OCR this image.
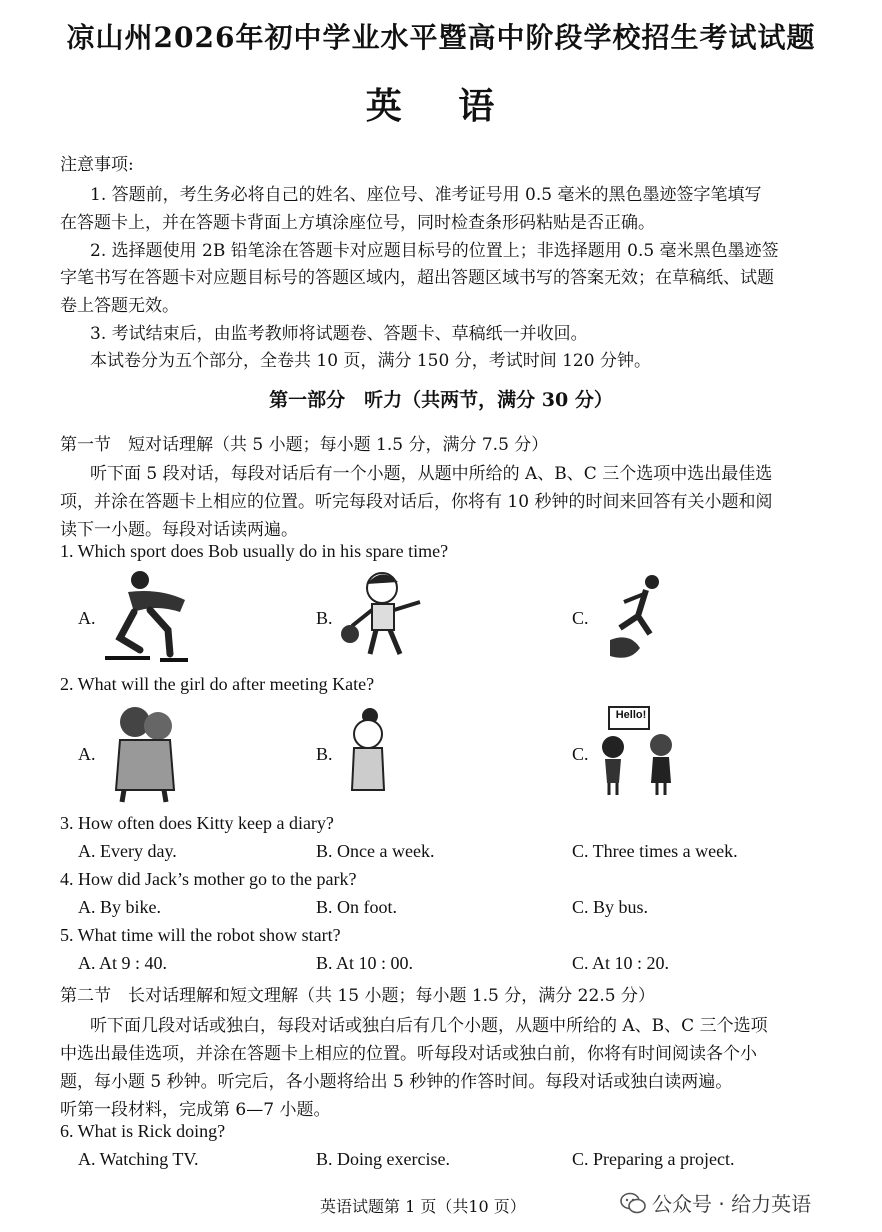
凉山州2026年初中学业水平暨高中阶段学校招生考试试题
英 语
注意事项:
1. 答题前，考生务必将自己的姓名、座位号、准考证号用 0.5 毫米的黑色墨迹签字笔填写
在答题卡上，并在答题卡背面上方填涂座位号，同时检查条形码粘贴是否正确。
2. 选择题使用 2B 铅笔涂在答题卡对应题目标号的位置上；非选择题用 0.5 毫米黑色墨迹签
字笔书写在答题卡对应题目标号的答题区域内，超出答题区域书写的答案无效；在草稿纸、试题
卷上答题无效。
3. 考试结束后，由监考教师将试题卷、答题卡、草稿纸一并收回。
本试卷分为五个部分，全卷共 10 页，满分 150 分，考试时间 120 分钟。
第一部分　听力（共两节，满分 30 分）
第一节　短对话理解（共 5 小题；每小题 1.5 分，满分 7.5 分）
听下面 5 段对话，每段对话后有一个小题，从题中所给的 A、B、C 三个选项中选出最佳选
项，并涂在答题卡上相应的位置。听完每段对话后，你将有 10 秒钟的时间来回答有关小题和阅
读下一小题。每段对话读两遍。
1. Which sport does Bob usually do in his spare time?
A.	B.	C.
2. What will the girl do after meeting Kate?
A.	B.	C.
Hello!
3. How often does Kitty keep a diary?
A. Every day.	B. Once a week.	C. Three times a week.
4. How did Jack’s mother go to the park?
A. By bike.	B. On foot.	C. By bus.
5. What time will the robot show start?
A. At 9 : 40.	B. At 10 : 00.	C. At 10 : 20.
第二节　长对话理解和短文理解（共 15 小题；每小题 1.5 分，满分 22.5 分）
听下面几段对话或独白，每段对话或独白后有几个小题，从题中所给的 A、B、C 三个选项
中选出最佳选项，并涂在答题卡上相应的位置。听每段对话或独白前，你将有时间阅读各个小
题，每小题 5 秒钟。听完后，各小题将给出 5 秒钟的作答时间。每段对话或独白读两遍。
听第一段材料，完成第 6—7 小题。
6. What is Rick doing?
A. Watching TV.	B. Doing exercise.	C. Preparing a project.
英语试题第 1 页（共10 页）	公众号 · 给力英语
